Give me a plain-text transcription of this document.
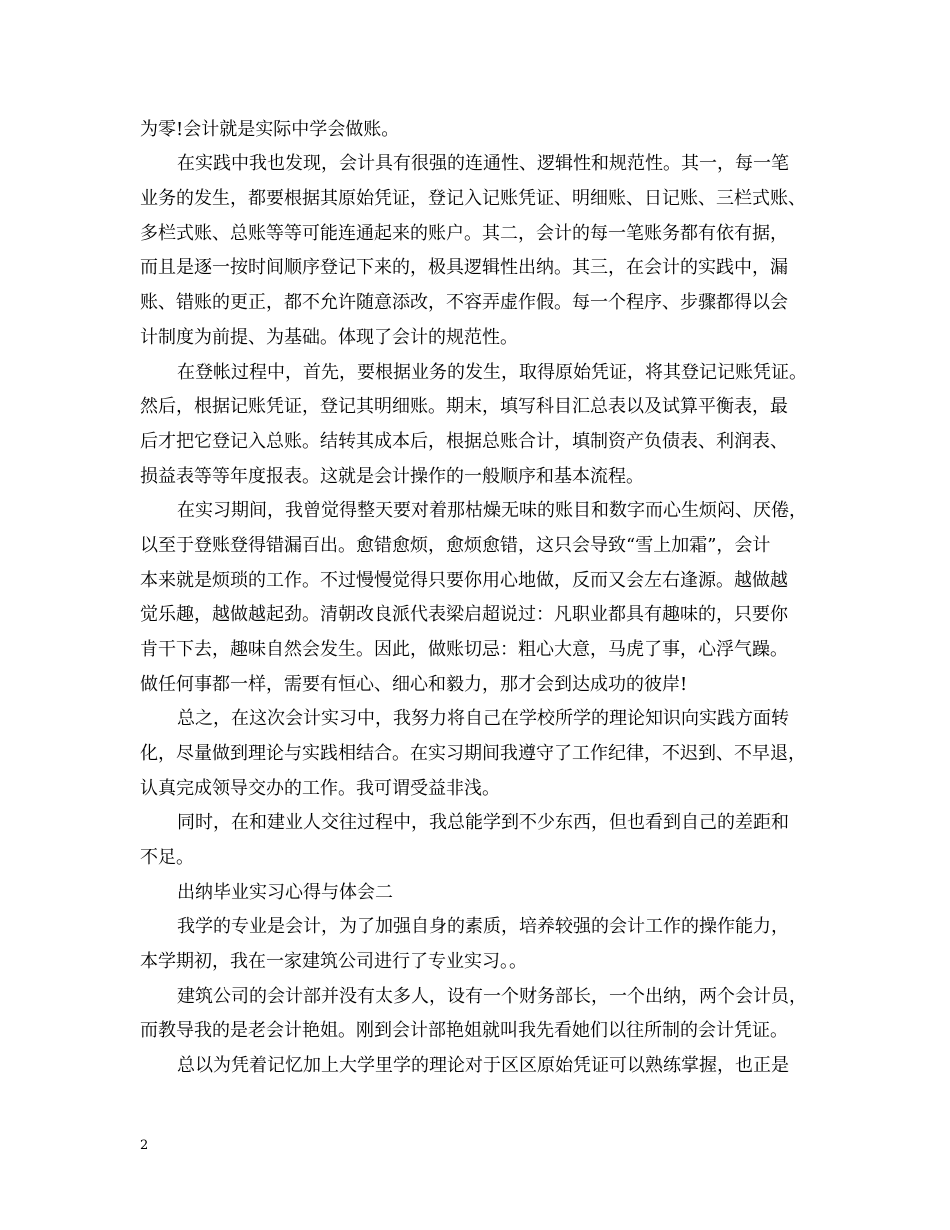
为零!会计就是实际中学会做账。
在实践中我也发现，会计具有很强的连通性、逻辑性和规范性。其一，每一笔
业务的发生，都要根据其原始凭证，登记入记账凭证、明细账、日记账、三栏式账、
多栏式账、总账等等可能连通起来的账户。其二，会计的每一笔账务都有依有据，
而且是逐一按时间顺序登记下来的，极具逻辑性出纳。其三，在会计的实践中，漏
账、错账的更正，都不允许随意添改，不容弄虚作假。每一个程序、步骤都得以会
计制度为前提、为基础。体现了会计的规范性。
在登帐过程中，首先，要根据业务的发生，取得原始凭证，将其登记记账凭证。
然后，根据记账凭证，登记其明细账。期末，填写科目汇总表以及试算平衡表，最
后才把它登记入总账。结转其成本后，根据总账合计，填制资产负债表、利润表、
损益表等等年度报表。这就是会计操作的一般顺序和基本流程。
在实习期间，我曾觉得整天要对着那枯燥无味的账目和数字而心生烦闷、厌倦，
以至于登账登得错漏百出。愈错愈烦，愈烦愈错，这只会导致“雪上加霜”，会计
本来就是烦琐的工作。不过慢慢觉得只要你用心地做，反而又会左右逢源。越做越
觉乐趣，越做越起劲。清朝改良派代表梁启超说过：凡职业都具有趣味的，只要你
肯干下去，趣味自然会发生。因此，做账切忌：粗心大意，马虎了事，心浮气躁。
做任何事都一样，需要有恒心、细心和毅力，那才会到达成功的彼岸!
总之，在这次会计实习中，我努力将自己在学校所学的理论知识向实践方面转
化，尽量做到理论与实践相结合。在实习期间我遵守了工作纪律，不迟到、不早退，
认真完成领导交办的工作。我可谓受益非浅。
同时，在和建业人交往过程中，我总能学到不少东西，但也看到自己的差距和
不足。
出纳毕业实习心得与体会二
我学的专业是会计，为了加强自身的素质，培养较强的会计工作的操作能力，
本学期初，我在一家建筑公司进行了专业实习。。
建筑公司的会计部并没有太多人，设有一个财务部长，一个出纳，两个会计员，
而教导我的是老会计艳姐。刚到会计部艳姐就叫我先看她们以往所制的会计凭证。
总以为凭着记忆加上大学里学的理论对于区区原始凭证可以熟练掌握，也正是
2
